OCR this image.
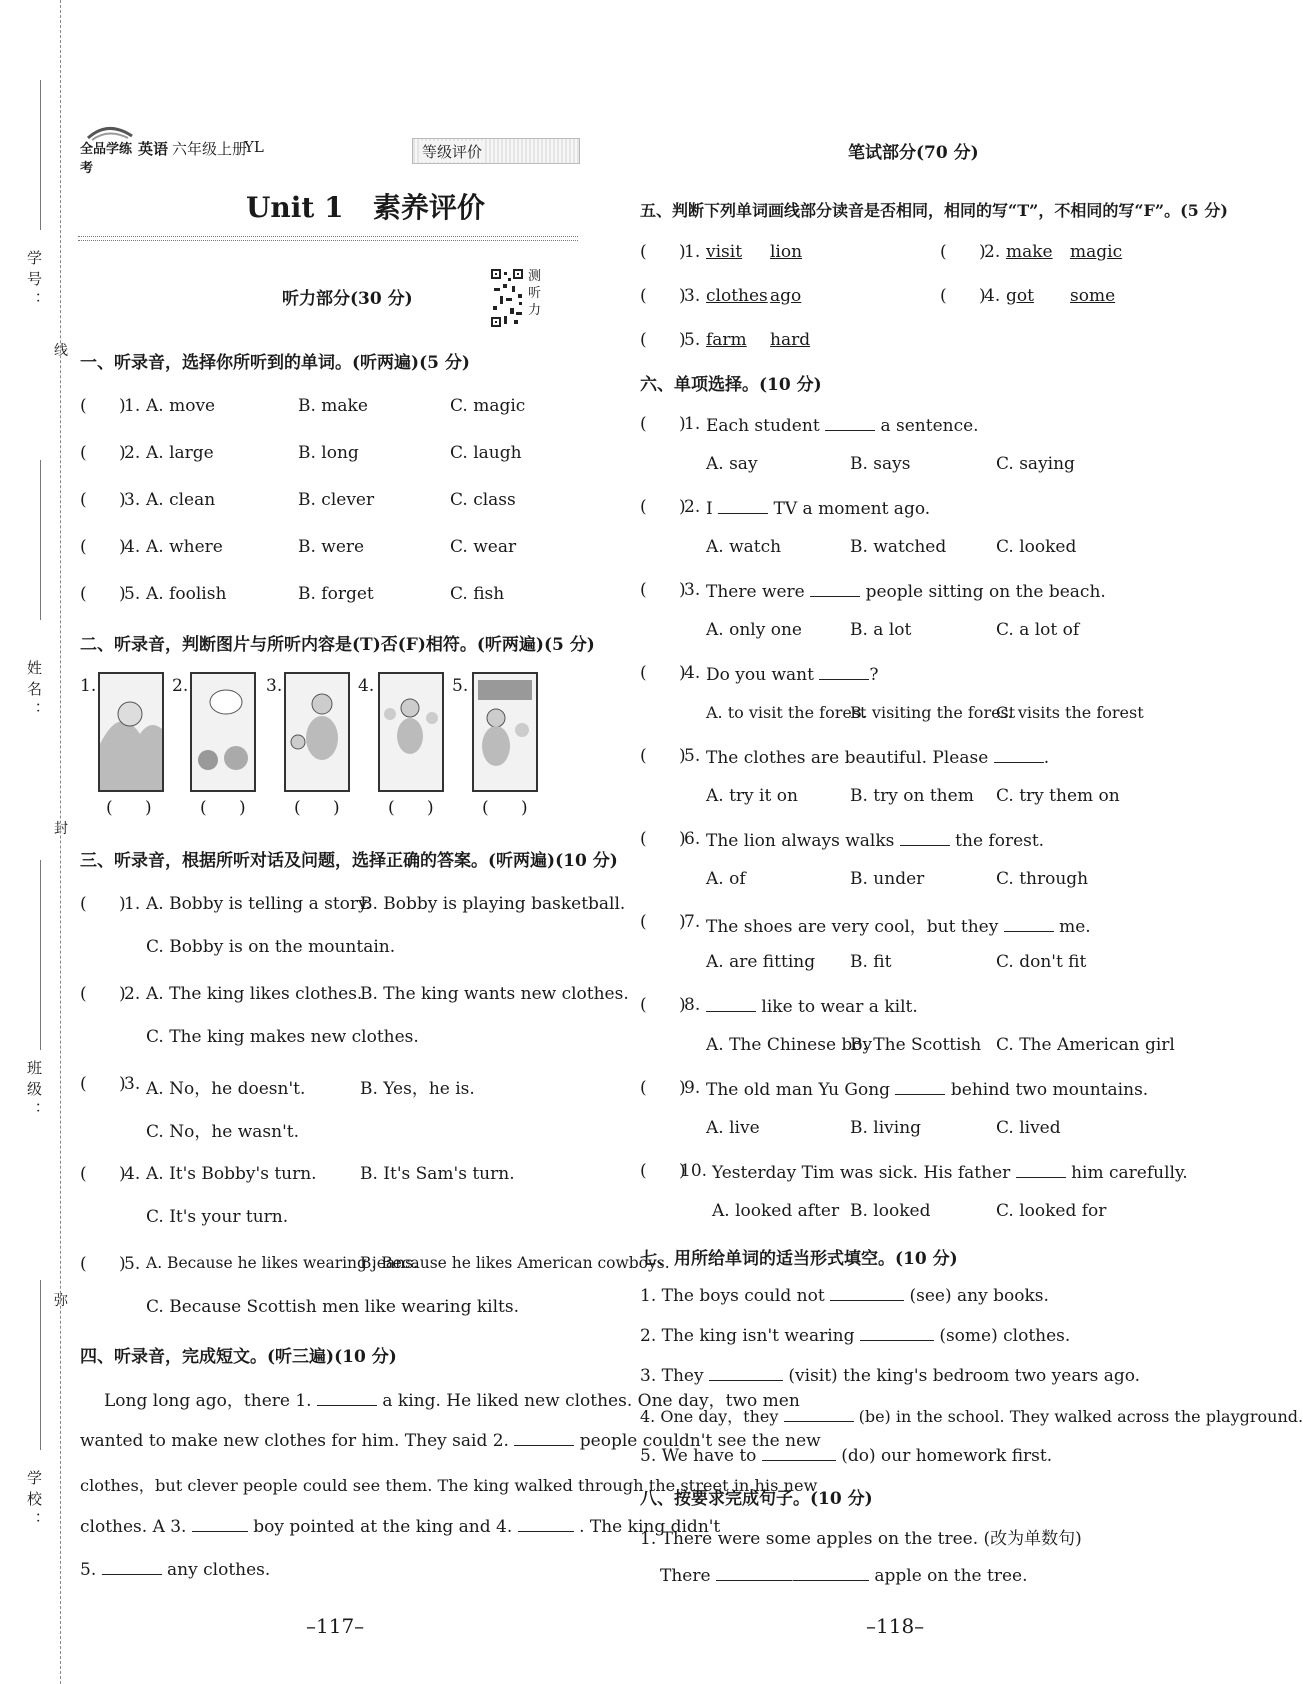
学号：
姓名：
班级：
学校：
线
封
弥
全品学练考
英语 六年级上册
YL	等级评价
Unit 1   素养评价
听力部分(30 分)
测听力
一、听录音，选择你所听到的单词。(听两遍)(5 分)
(      )
1. A. move	B. make	C. magic
(      )
2. A. large	B. long	C. laugh
(      )
3. A. clean	B. clever	C. class
(      )
4. A. where	B. were	C. wear
(      )
5. A. foolish	B. forget	C. fish
二、听录音，判断图片与所听内容是(T)否(F)相符。(听两遍)(5 分)
1.	2.	3.	4.	5.
(      )	(      )	(      )	(      )	(      )
三、听录音，根据所听对话及问题，选择正确的答案。(听两遍)(10 分)
(      )
1. A. Bobby is telling a story.
B. Bobby is playing basketball.
C. Bobby is on the mountain.
(      )
2. A. The king likes clothes.
B. The king wants new clothes.
C. The king makes new clothes.
(      )
3. A. No，he doesn't.	B. Yes，he is.
C. No，he wasn't.
(      )
4. A. It's Bobby's turn.	B. It's Sam's turn.
C. It's your turn.
(      )
5. A. Because he likes wearing jeans.
B. Because he likes American cowboys.
C. Because Scottish men like wearing kilts.
四、听录音，完成短文。(听三遍)(10 分)
Long long ago，there 1.	a king. He liked new clothes. One day，two men
wanted to make new clothes for him. They said 2.	people couldn't see the new
clothes，but clever people could see them. The king walked through the street in his new
clothes. A 3.	boy pointed at the king and 4.	. The king didn't
5.	any clothes.
–117–
笔试部分(70 分)
五、判断下列单词画线部分读音是否相同，相同的写“T”，不相同的写“F”。(5 分)
(      )
1. visit lion	(      )
2. make magic
(      )
3. clothes ago	(      )
4. got some
(      )
5. farm hard
六、单项选择。(10 分)
(      )
1. Each student	a sentence.
A. say	B. says	C. saying
(      )
2. I	TV a moment ago.
A. watch	B. watched	C. looked
(      )
3. There were	people sitting on the beach.
A. only one	B. a lot	C. a lot of
(      )
4. Do you want	?
A. to visit the forest
B. visiting the forest
C. visits the forest
(      )
5. The clothes are beautiful. Please	.
A. try it on	B. try on them C. try them on
(      )
6. The lion always walks	the forest.
A. of	B. under	C. through
(      )
7. The shoes are very cool，but they	me.
A. are fitting B. fit	C. don't fit
(      )
8.	like to wear a kilt.
A. The Chinese boy
B. The Scottish C. The American girl
(      )
9. The old man Yu Gong	behind two mountains.
A. live	B. living	C. lived
(      )
10. Yesterday Tim was sick. His father	him carefully.
A. looked after B. looked	C. looked for
七、用所给单词的适当形式填空。(10 分)
1. The boys could not	(see) any books.
2. The king isn't wearing	(some) clothes.
3. They	(visit) the king's bedroom two years ago.
4. One day，they	(be) in the school. They walked across the playground.
5. We have to	(do) our homework first.
八、按要求完成句子。(10 分)
1. There were some apples on the tree. (改为单数句)
There	apple on the tree.
–118–
